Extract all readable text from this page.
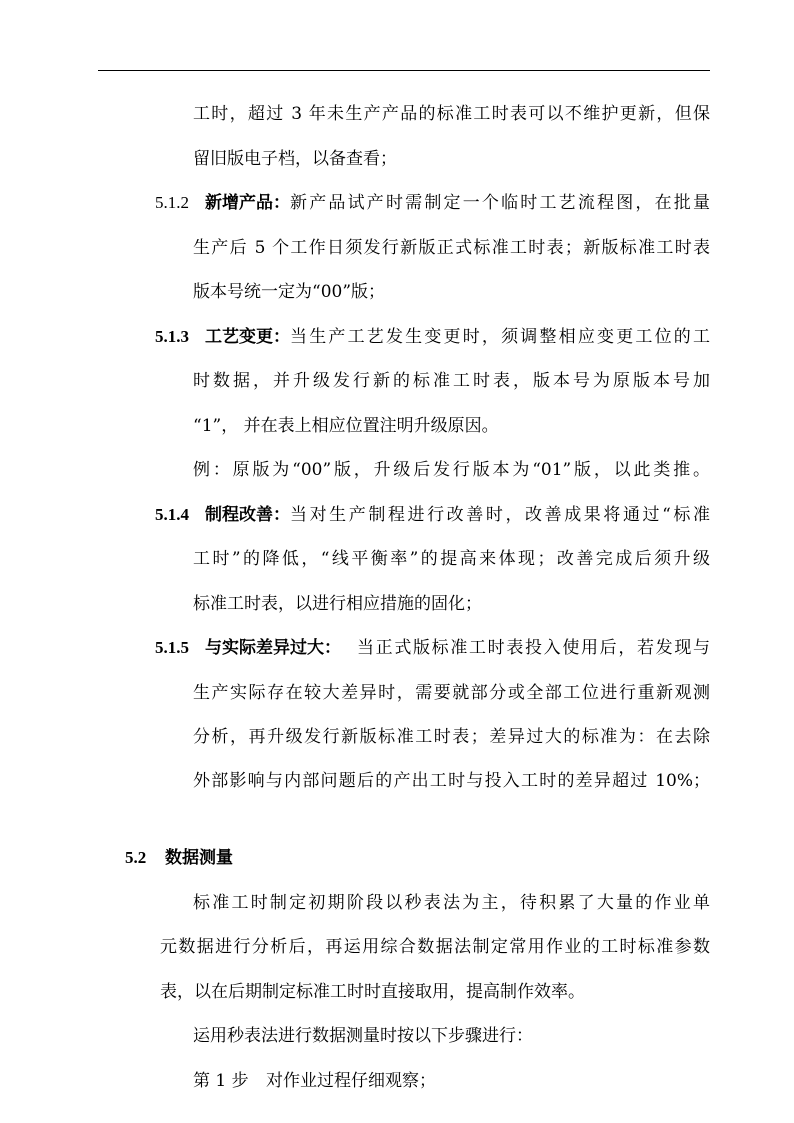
工时，超过 3 年未生产产品的标准工时表可以不维护更新，但保
留旧版电子档，以备查看；
5.1.2 新增产品： 新产品试产时需制定一个临时工艺流程图，在批量
生产后 5 个工作日须发行新版正式标准工时表；新版标准工时表
版本号统一定为“00”版；
5.1.3 工艺变更： 当生产工艺发生变更时，须调整相应变更工位的工
时数据，并升级发行新的标准工时表，版本号为原版本号加
“1”， 并在表上相应位置注明升级原因。
例：原版为“00”版，升级后发行版本为“01”版，以此类推。
5.1.4 制程改善： 当对生产制程进行改善时，改善成果将通过“标准
工时”的降低，“线平衡率”的提高来体现；改善完成后须升级
标准工时表，以进行相应措施的固化；
5.1.5 与实际差异过大： 当正式版标准工时表投入使用后，若发现与
生产实际存在较大差异时，需要就部分或全部工位进行重新观测
分析，再升级发行新版标准工时表；差异过大的标准为：在去除
外部影响与内部问题后的产出工时与投入工时的差异超过 10%；
5.2 数据测量
标准工时制定初期阶段以秒表法为主，待积累了大量的作业单
元数据进行分析后，再运用综合数据法制定常用作业的工时标准参数
表，以在后期制定标准工时时直接取用，提高制作效率。
运用秒表法进行数据测量时按以下步骤进行：
第 1 步 对作业过程仔细观察；
